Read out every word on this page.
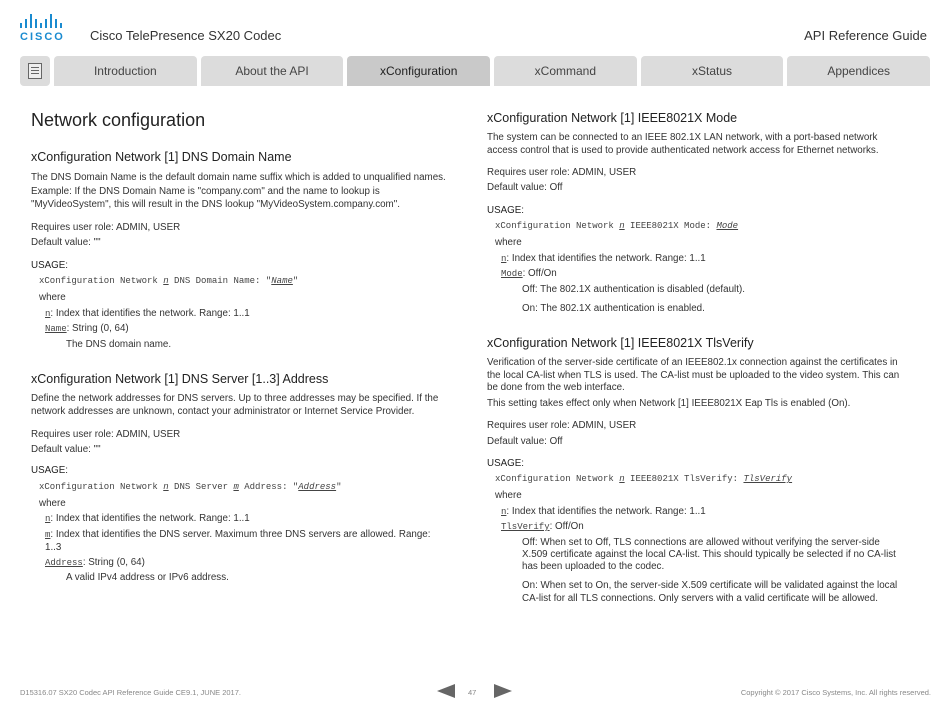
CISCO Cisco TelePresence SX20 Codec	API Reference Guide
Introduction	About the API	xConfiguration	xCommand	xStatus	Appendices
Network configuration
xConfiguration Network [1] DNS Domain Name

The DNS Domain Name is the default domain name suffix which is added to unqualified names.

Example: If the DNS Domain Name is "company.com" and the name to lookup is

"MyVideoSystem", this will result in the DNS lookup "MyVideoSystem.company.com".

Requires user role: ADMIN, USER

Default value: ""

USAGE:
xConfiguration Network n DNS Domain Name: "Name"

where

n: Index that identifies the network. Range: 1..1

Name: String (0, 64)

The DNS domain name.

xConfiguration Network [1] DNS Server [1..3] Address

Define the network addresses for DNS servers. Up to three addresses may be specified. If the

network addresses are unknown, contact your administrator or Internet Service Provider.

Requires user role: ADMIN, USER

Default value: ""

USAGE:
xConfiguration Network n DNS Server m Address: "Address"

where

n: Index that identifies the network. Range: 1..1

m: Index that identifies the DNS server. Maximum three DNS servers are allowed. Range:

1..3

Address: String (0, 64)

A valid IPv4 address or IPv6 address.

xConfiguration Network [1] IEEE8021X Mode

The system can be connected to an IEEE 802.1X LAN network, with a port-based network

access control that is used to provide authenticated network access for Ethernet networks.

Requires user role: ADMIN, USER

Default value: Off

USAGE:
xConfiguration Network n IEEE8021X Mode: Mode

where

n: Index that identifies the network. Range: 1..1

Mode: Off/On

Off: The 802.1X authentication is disabled (default).

On: The 802.1X authentication is enabled.

xConfiguration Network [1] IEEE8021X TlsVerify

Verification of the server-side certificate of an IEEE802.1x connection against the certificates in

the local CA-list when TLS is used. The CA-list must be uploaded to the video system. This can

be done from the web interface.

This setting takes effect only when Network [1] IEEE8021X Eap Tls is enabled (On).

Requires user role: ADMIN, USER

Default value: Off

USAGE:
xConfiguration Network n IEEE8021X TlsVerify: TlsVerify

where

n: Index that identifies the network. Range: 1..1

TlsVerify: Off/On

Off: When set to Off, TLS connections are allowed without verifying the server-side

X.509 certificate against the local CA-list. This should typically be selected if no CA-list

has been uploaded to the codec.

On: When set to On, the server-side X.509 certificate will be validated against the local

CA-list for all TLS connections. Only servers with a valid certificate will be allowed.

D15316.07 SX20 Codec API Reference Guide CE9.1, JUNE 2017.	47	Copyright © 2017 Cisco Systems, Inc. All rights reserved.
